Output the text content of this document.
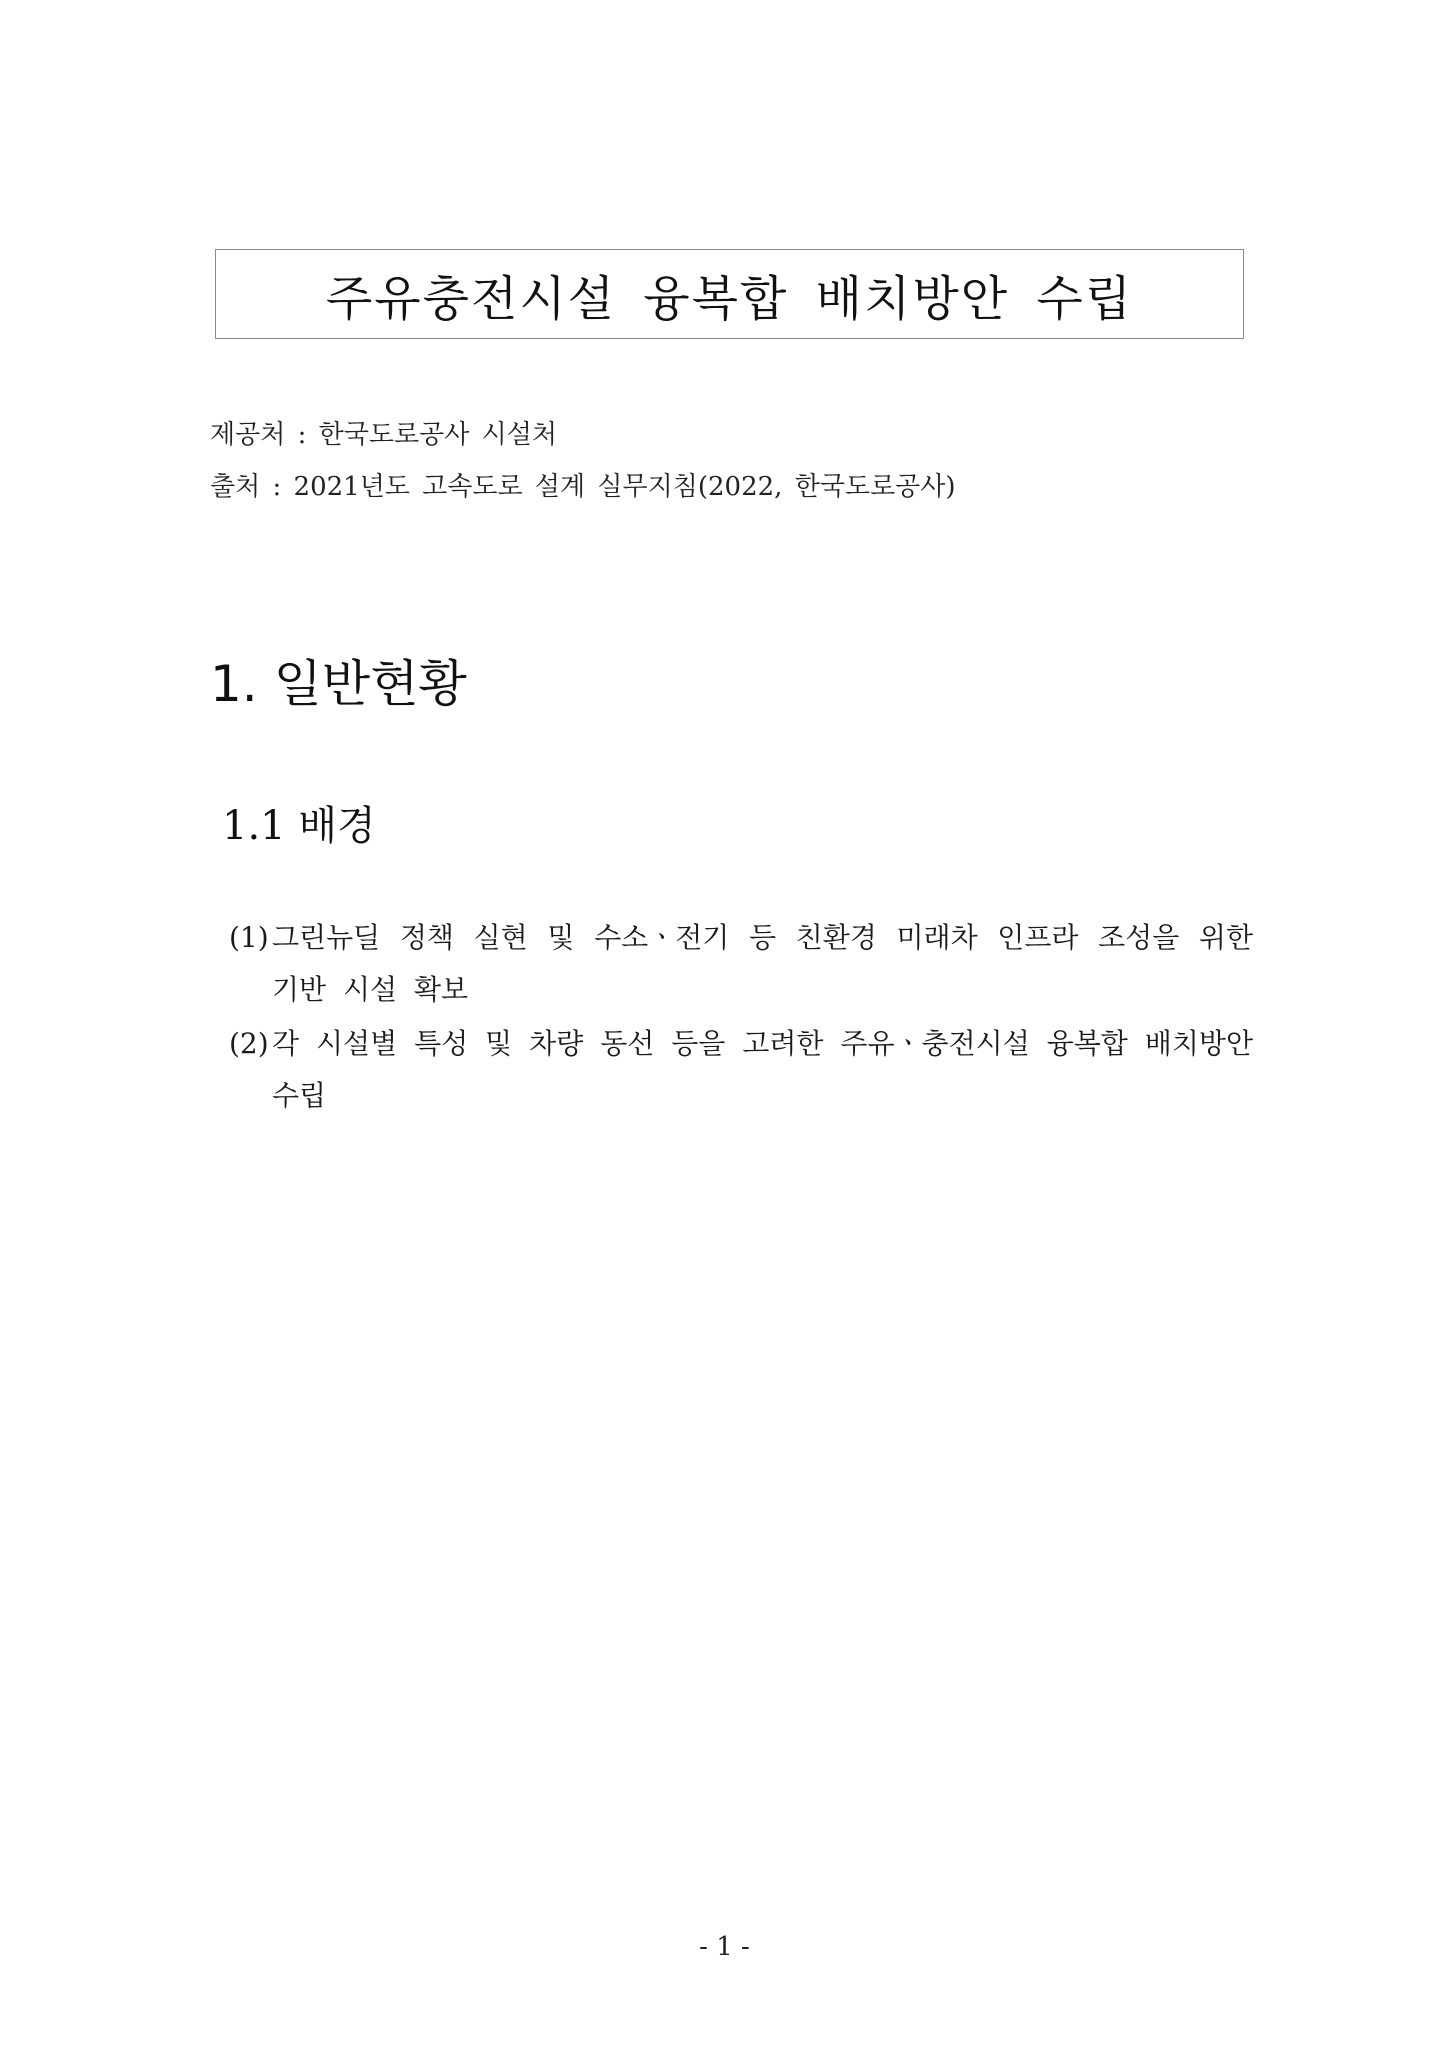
주유충전시설 융복합 배치방안 수립
제공처 : 한국도로공사 시설처
출처 : 2021년도 고속도로 설계 실무지침(2022, 한국도로공사)
1. 일반현황
1.1 배경
(1) 그린뉴딜 정책 실현 및 수소ㆍ전기 등 친환경 미래차 인프라 조성을 위한 기반 시설 확보
(2) 각 시설별 특성 및 차량 동선 등을 고려한 주유ㆍ충전시설 융복합 배치방안 수립
- 1 -
